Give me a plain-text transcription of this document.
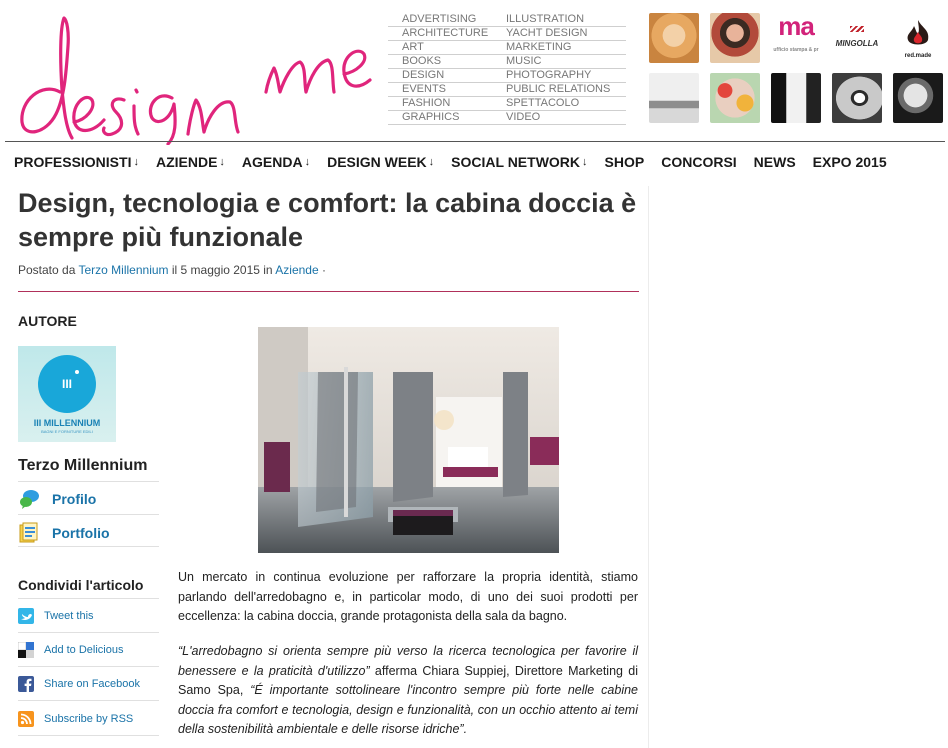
ADVERTISING
ARCHITECTURE
ART
BOOKS
DESIGN
EVENTS
FASHION
GRAPHICS
ILLUSTRATION
YACHT DESIGN
MARKETING
MUSIC
PHOTOGRAPHY
PUBLIC RELATIONS
SPETTACOLO
VIDEO
ma
ufficio stampa & pr
MINGOLLA
red.made
PROFESSIONISTI ↓ AZIENDE ↓ AGENDA ↓ DESIGN WEEK ↓ SOCIAL NETWORK ↓ SHOP CONCORSI NEWS EXPO 2015
Design, tecnologia e comfort: la cabina doccia è sempre più funzionale
Postato da Terzo Millennium il 5 maggio 2015 in Aziende ·
AUTORE
III
III MILLENNIUM
BAGNI E FORNITURE EDILI
Terzo Millennium
Profilo
Portfolio
Condividi l'articolo
Tweet this
Add to Delicious
Share on Facebook
Subscribe by RSS

Un mercato in continua evoluzione per rafforzare la propria identità, stiamo parlando dell'arredobagno e, in particolar modo, di uno dei suoi prodotti per eccellenza: la cabina doccia, grande protagonista della sala da bagno.

“L'arredobagno si orienta sempre più verso la ricerca tecnologica per favorire il benessere e la praticità d'utilizzo” afferma Chiara Suppiej, Direttore Marketing di Samo Spa, “É importante sottolineare l'incontro sempre più forte nelle cabine doccia fra comfort e tecnologia, design e funzionalità, con un occhio attento ai temi della sostenibilità ambientale e delle risorse idriche”.
